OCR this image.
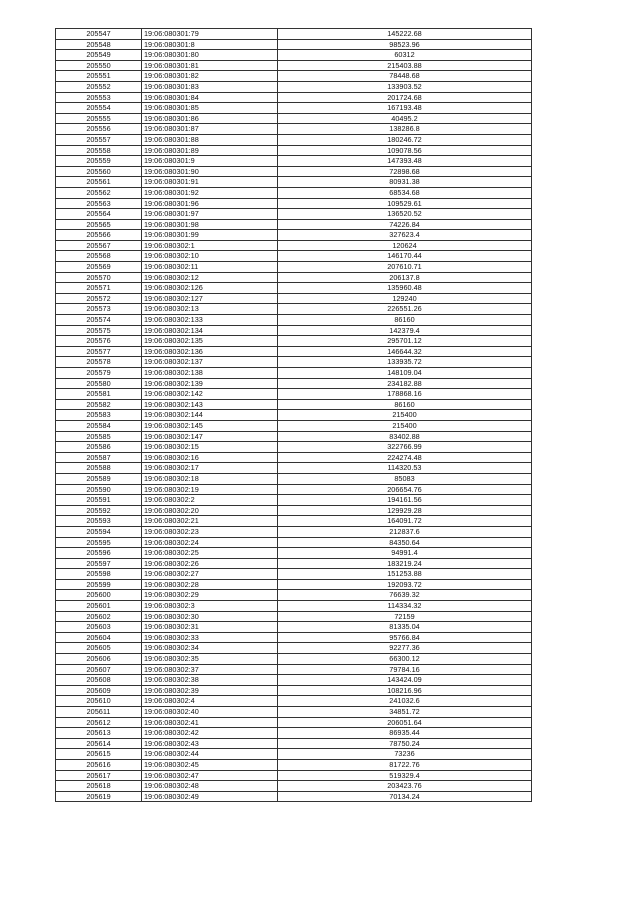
205547	19:06:080301:79	145222.68
205548	19:06:080301:8	98523.96
205549	19:06:080301:80	60312
205550	19:06:080301:81	215403.88
205551	19:06:080301:82	78448.68
205552	19:06:080301:83	133903.52
205553	19:06:080301:84	201724.68
205554	19:06:080301:85	167193.48
205555	19:06:080301:86	40495.2
205556	19:06:080301:87	138286.8
205557	19:06:080301:88	180246.72
205558	19:06:080301:89	109078.56
205559	19:06:080301:9	147393.48
205560	19:06:080301:90	72898.68
205561	19:06:080301:91	80931.38
205562	19:06:080301:92	68534.68
205563	19:06:080301:96	109529.61
205564	19:06:080301:97	136520.52
205565	19:06:080301:98	74226.84
205566	19:06:080301:99	327623.4
205567	19:06:080302:1	120624
205568	19:06:080302:10	146170.44
205569	19:06:080302:11	207610.71
205570	19:06:080302:12	206137.8
205571	19:06:080302:126	135960.48
205572	19:06:080302:127	129240
205573	19:06:080302:13	226551.26
205574	19:06:080302:133	86160
205575	19:06:080302:134	142379.4
205576	19:06:080302:135	295701.12
205577	19:06:080302:136	146644.32
205578	19:06:080302:137	133935.72
205579	19:06:080302:138	148109.04
205580	19:06:080302:139	234182.88
205581	19:06:080302:142	178868.16
205582	19:06:080302:143	86160
205583	19:06:080302:144	215400
205584	19:06:080302:145	215400
205585	19:06:080302:147	83402.88
205586	19:06:080302:15	322766.99
205587	19:06:080302:16	224274.48
205588	19:06:080302:17	114320.53
205589	19:06:080302:18	85083
205590	19:06:080302:19	206654.76
205591	19:06:080302:2	194161.56
205592	19:06:080302:20	129929.28
205593	19:06:080302:21	164091.72
205594	19:06:080302:23	212837.6
205595	19:06:080302:24	84350.64
205596	19:06:080302:25	94991.4
205597	19:06:080302:26	183219.24
205598	19:06:080302:27	151253.88
205599	19:06:080302:28	192093.72
205600	19:06:080302:29	76639.32
205601	19:06:080302:3	114334.32
205602	19:06:080302:30	72159
205603	19:06:080302:31	81335.04
205604	19:06:080302:33	95766.84
205605	19:06:080302:34	92277.36
205606	19:06:080302:35	66300.12
205607	19:06:080302:37	79784.16
205608	19:06:080302:38	143424.09
205609	19:06:080302:39	108216.96
205610	19:06:080302:4	241032.6
205611	19:06:080302:40	34851.72
205612	19:06:080302:41	206051.64
205613	19:06:080302:42	86935.44
205614	19:06:080302:43	78750.24
205615	19:06:080302:44	73236
205616	19:06:080302:45	81722.76
205617	19:06:080302:47	519329.4
205618	19:06:080302:48	203423.76
205619	19:06:080302:49	70134.24
